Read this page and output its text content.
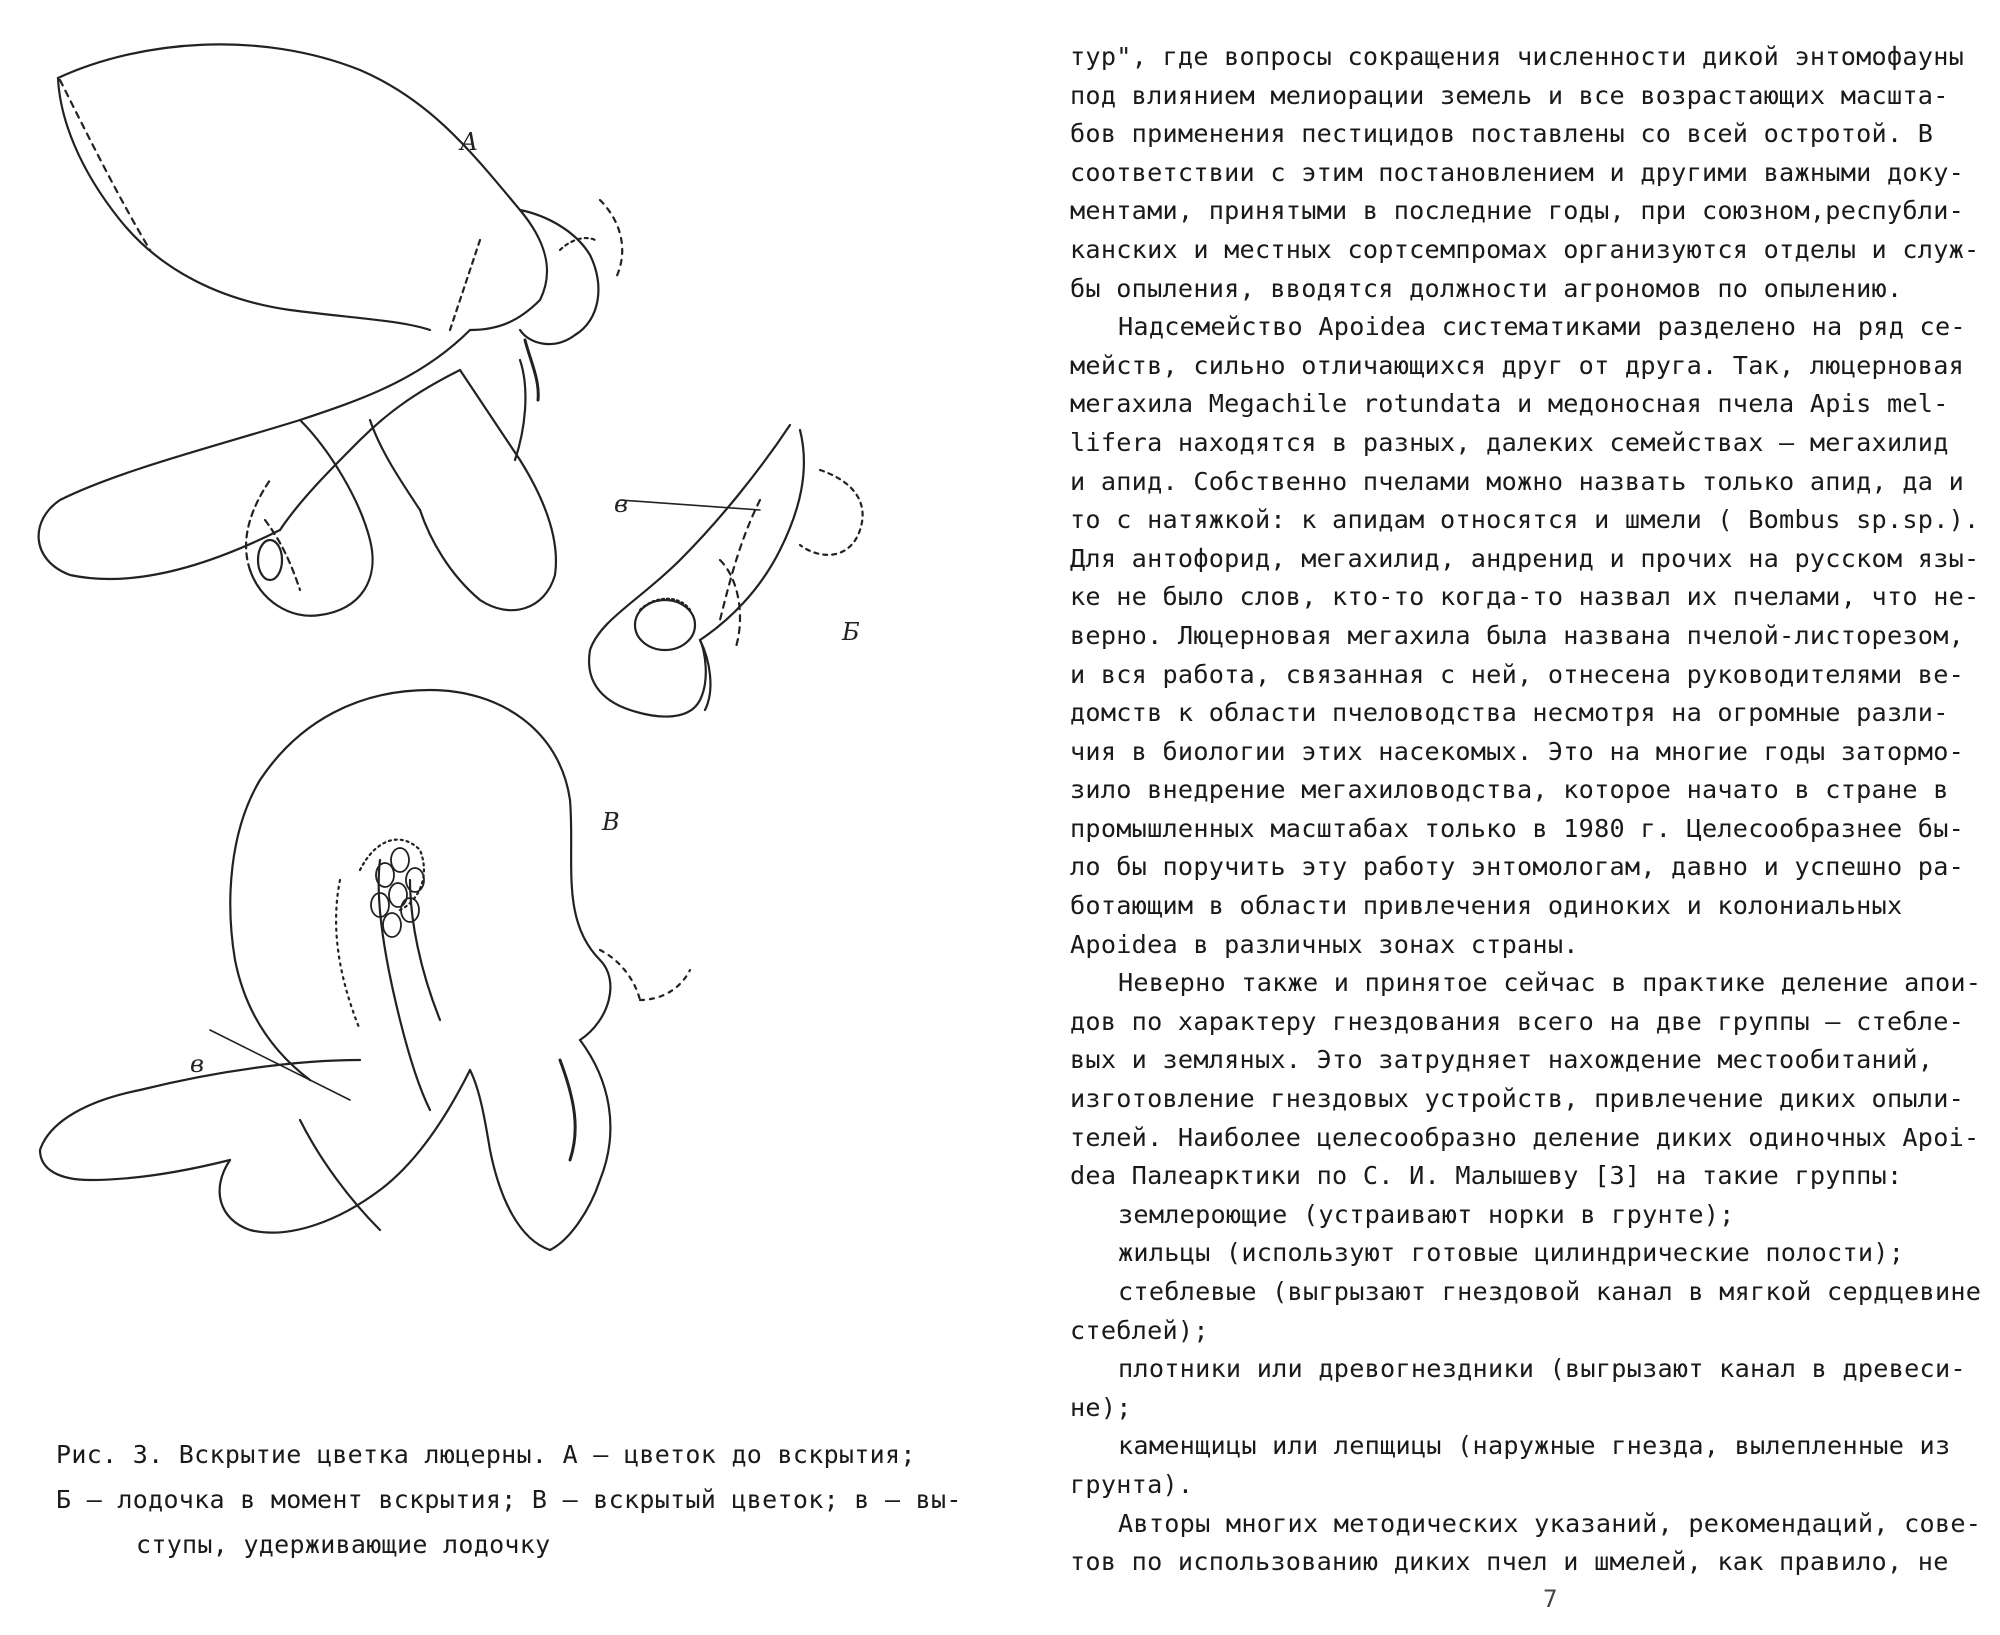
А
Б
В
в
в
Рис. 3. Вскрытие цветка люцерны. А – цветок до вскрытия;
Б – лодочка в момент вскрытия; В – вскрытый цветок; в – вы-
ступы, удерживающие лодочку
тур", где вопросы сокращения численности дикой энтомофауны
под влиянием мелиорации земель и все возрастающих масшта-
бов применения пестицидов поставлены со всей остротой. В
соответствии с этим постановлением и другими важными доку-
ментами, принятыми в последние годы, при союзном,республи-
канских и местных сортсемпромах организуются отделы и служ-
бы опыления, вводятся должности агрономов по опылению.
Надсемейство Apoidea систематиками разделено на ряд се-
мейств, сильно отличающихся друг от друга. Так, люцерновая
мегахила Megachile rotundata и медоносная пчела Apis mel-
lifera находятся в разных, далеких семействах – мегахилид
и апид. Собственно пчелами можно назвать только апид, да и
то с натяжкой: к апидам относятся и шмели ( Bombus sp.sp.).
Для антофорид, мегахилид, андренид и прочих на русском язы-
ке не было слов, кто-то когда-то назвал их пчелами, что не-
верно. Люцерновая мегахила была названа пчелой-листорезом,
и вся работа, связанная с ней, отнесена руководителями ве-
домств к области пчеловодства несмотря на огромные разли-
чия в биологии этих насекомых. Это на многие годы затормо-
зило внедрение мегахиловодства, которое начато в стране в
промышленных масштабах только в 1980 г. Целесообразнее бы-
ло бы поручить эту работу энтомологам, давно и успешно ра-
ботающим в области привлечения одиноких и колониальных
Apoidea в различных зонах страны.
Неверно также и принятое сейчас в практике деление апои-
дов по характеру гнездования всего на две группы – стебле-
вых и земляных. Это затрудняет нахождение местообитаний,
изготовление гнездовых устройств, привлечение диких опыли-
телей. Наиболее целесообразно деление диких одиночных Apoi-
dea Палеарктики по С. И. Малышеву [3] на такие группы:
землероющие (устраивают норки в грунте);
жильцы (используют готовые цилиндрические полости);
стеблевые (выгрызают гнездовой канал в мягкой сердцевине
стеблей);
плотники или древогнездники (выгрызают канал в древеси-
не);
каменщицы или лепщицы (наружные гнезда, вылепленные из
грунта).
Авторы многих методических указаний, рекомендаций, сове-
тов по использованию диких пчел и шмелей, как правило, не
7
